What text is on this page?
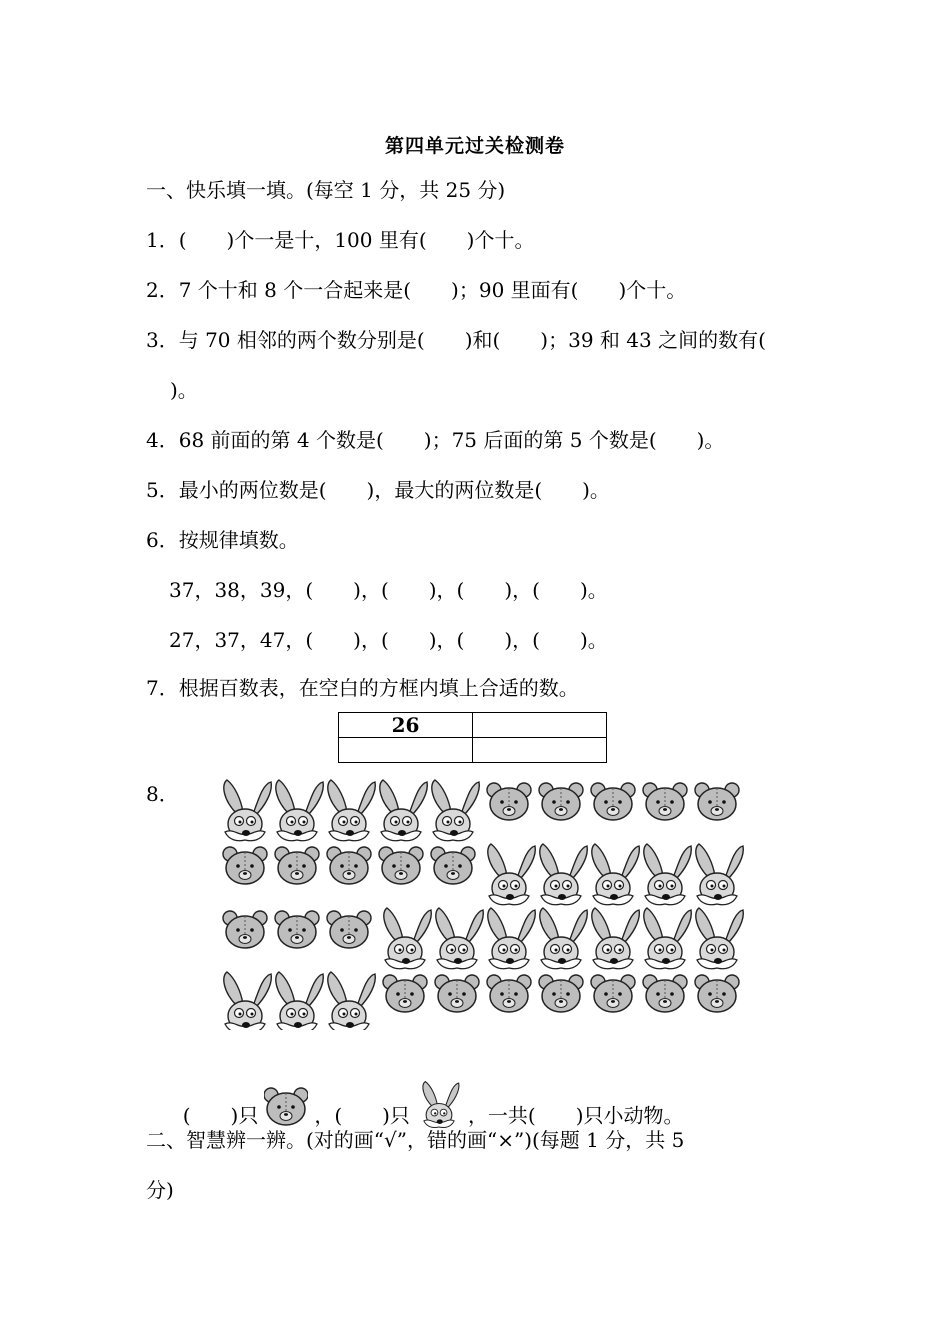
第四单元过关检测卷
一、快乐填一填。(每空 1 分，共 25 分)
1．(　　)个一是十，100 里有(　　)个十。
2．7 个十和 8 个一合起来是(　　)；90 里面有(　　)个十。
3．与 70 相邻的两个数分别是(　　)和(　　)；39 和 43 之间的数有(
)。
4．68 前面的第 4 个数是(　　)；75 后面的第 5 个数是(　　)。
5．最小的两位数是(　　)，最大的两位数是(　　)。
6．按规律填数。
37，38，39，(　　)，(　　)，(　　)，(　　)。
27，37，47，(　　)，(　　)，(　　)，(　　)。
7．根据百数表，在空白的方框内填上合适的数。
26	

8．

(　　)只	，(　　)只	，一共(　　)只小动物。

二、智慧辨一辨。(对的画“√”，错的画“×”)(每题 1 分，共 5
分)
